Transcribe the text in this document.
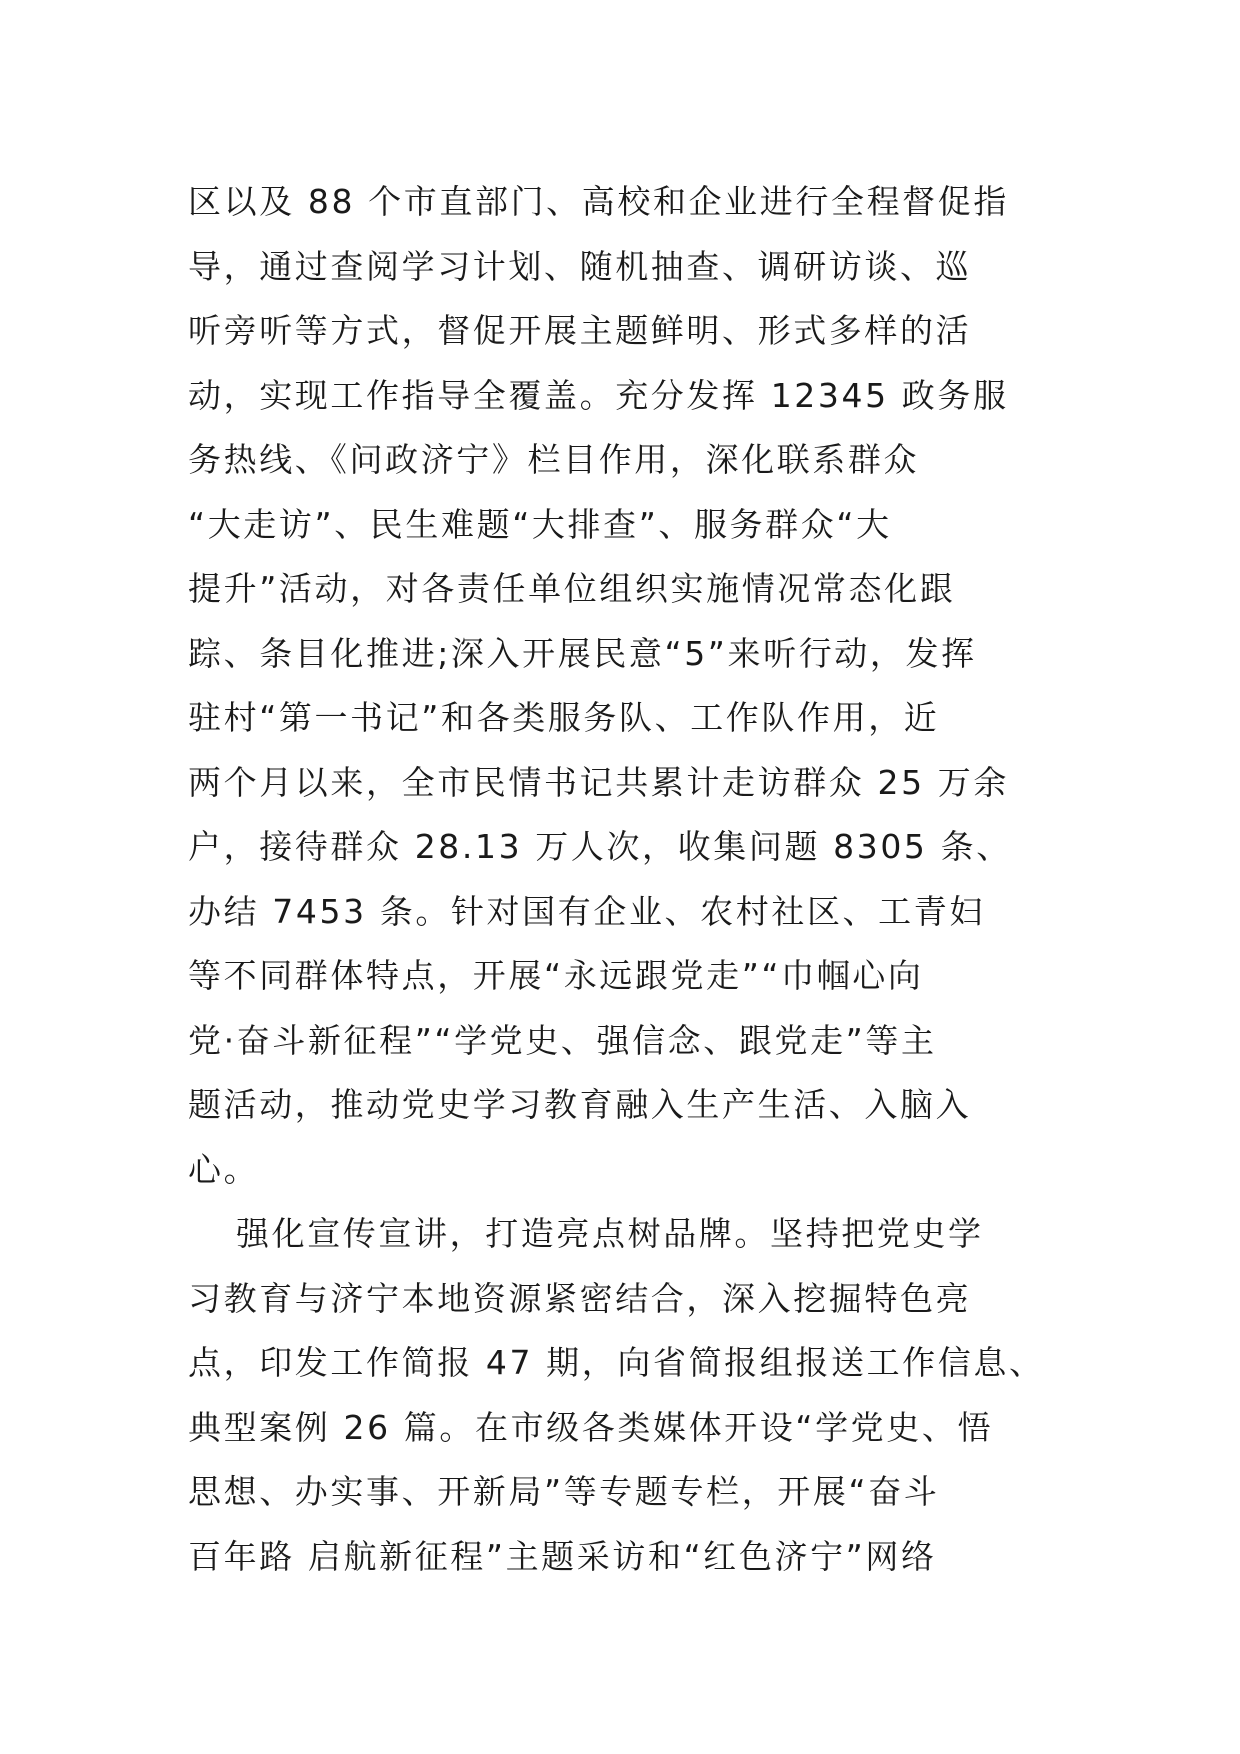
区以及 88 个市直部门、高校和企业进行全程督促指
导，通过查阅学习计划、随机抽查、调研访谈、巡
听旁听等方式，督促开展主题鲜明、形式多样的活
动，实现工作指导全覆盖。充分发挥 12345 政务服
务热线、《问政济宁》栏目作用，深化联系群众
“大走访”、民生难题“大排查”、服务群众“大
提升”活动，对各责任单位组织实施情况常态化跟
踪、条目化推进;深入开展民意“5”来听行动，发挥
驻村“第一书记”和各类服务队、工作队作用，近
两个月以来，全市民情书记共累计走访群众 25 万余
户，接待群众 28.13 万人次，收集问题 8305 条、
办结 7453 条。针对国有企业、农村社区、工青妇
等不同群体特点，开展“永远跟党走”“巾帼心向
党·奋斗新征程”“学党史、强信念、跟党走”等主
题活动，推动党史学习教育融入生产生活、入脑入
心。
强化宣传宣讲，打造亮点树品牌。坚持把党史学
习教育与济宁本地资源紧密结合，深入挖掘特色亮
点，印发工作简报 47 期，向省简报组报送工作信息、
典型案例 26 篇。在市级各类媒体开设“学党史、悟
思想、办实事、开新局”等专题专栏，开展“奋斗
百年路 启航新征程”主题采访和“红色济宁”网络
